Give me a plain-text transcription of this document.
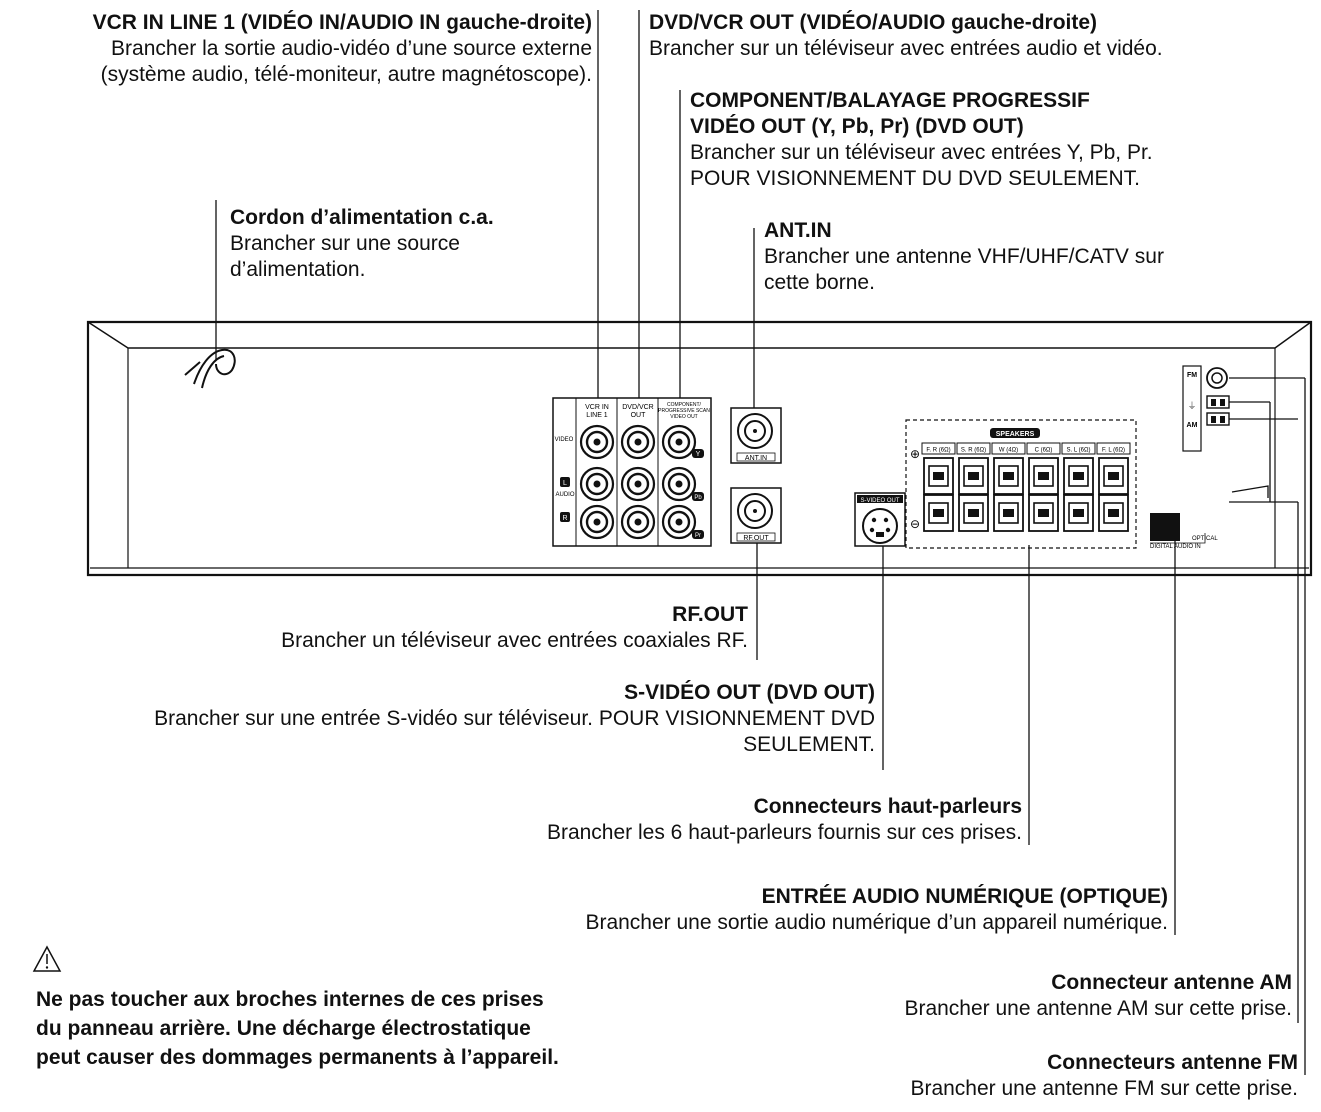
VCR IN
LINE 1
DVD/VCR
OUT
COMPONENT/
PROGRESSIVE SCAN
VIDEO OUT
VIDEO
AUDIO
L
R
Y
Pb
Pr
ANT.IN
RF.OUT
S-VIDEO OUT
SPEAKERS
⊕
⊖
F. R (6Ω) S. R (6Ω) W (4Ω)	C (6Ω) S. L (6Ω) F. L (6Ω)
OPTICAL
DIGITAL AUDIO IN
FM
⏚
AM
VCR IN LINE 1 (VIDÉO IN/AUDIO IN gauche-droite)
Brancher la sortie audio-vidéo d’une source externe
(système audio, télé-moniteur, autre magnétoscope).
DVD/VCR OUT (VIDÉO/AUDIO gauche-droite)
Brancher sur un téléviseur avec entrées audio et vidéo.
COMPONENT/BALAYAGE PROGRESSIF
VIDÉO OUT (Y, Pb, Pr) (DVD OUT)
Brancher sur un téléviseur avec entrées Y, Pb, Pr.
POUR VISIONNEMENT DU DVD SEULEMENT.
Cordon d’alimentation c.a.
Brancher sur une source
d’alimentation.
ANT.IN
Brancher une antenne VHF/UHF/CATV sur
cette borne.
RF.OUT
Brancher un téléviseur avec entrées coaxiales RF.
S-VIDÉO OUT (DVD OUT)
Brancher sur une entrée S-vidéo sur téléviseur. POUR VISIONNEMENT DVD
SEULEMENT.
Connecteurs haut-parleurs
Brancher les 6 haut-parleurs fournis sur ces prises.
ENTRÉE AUDIO NUMÉRIQUE (OPTIQUE)
Brancher une sortie audio numérique d’un appareil numérique.
Connecteur antenne AM
Brancher une antenne AM sur cette prise.
Connecteurs antenne FM
Brancher une antenne FM sur cette prise.
Ne pas toucher aux broches internes de ces prises
du panneau arrière. Une décharge électrostatique
peut causer des dommages permanents à l’appareil.
